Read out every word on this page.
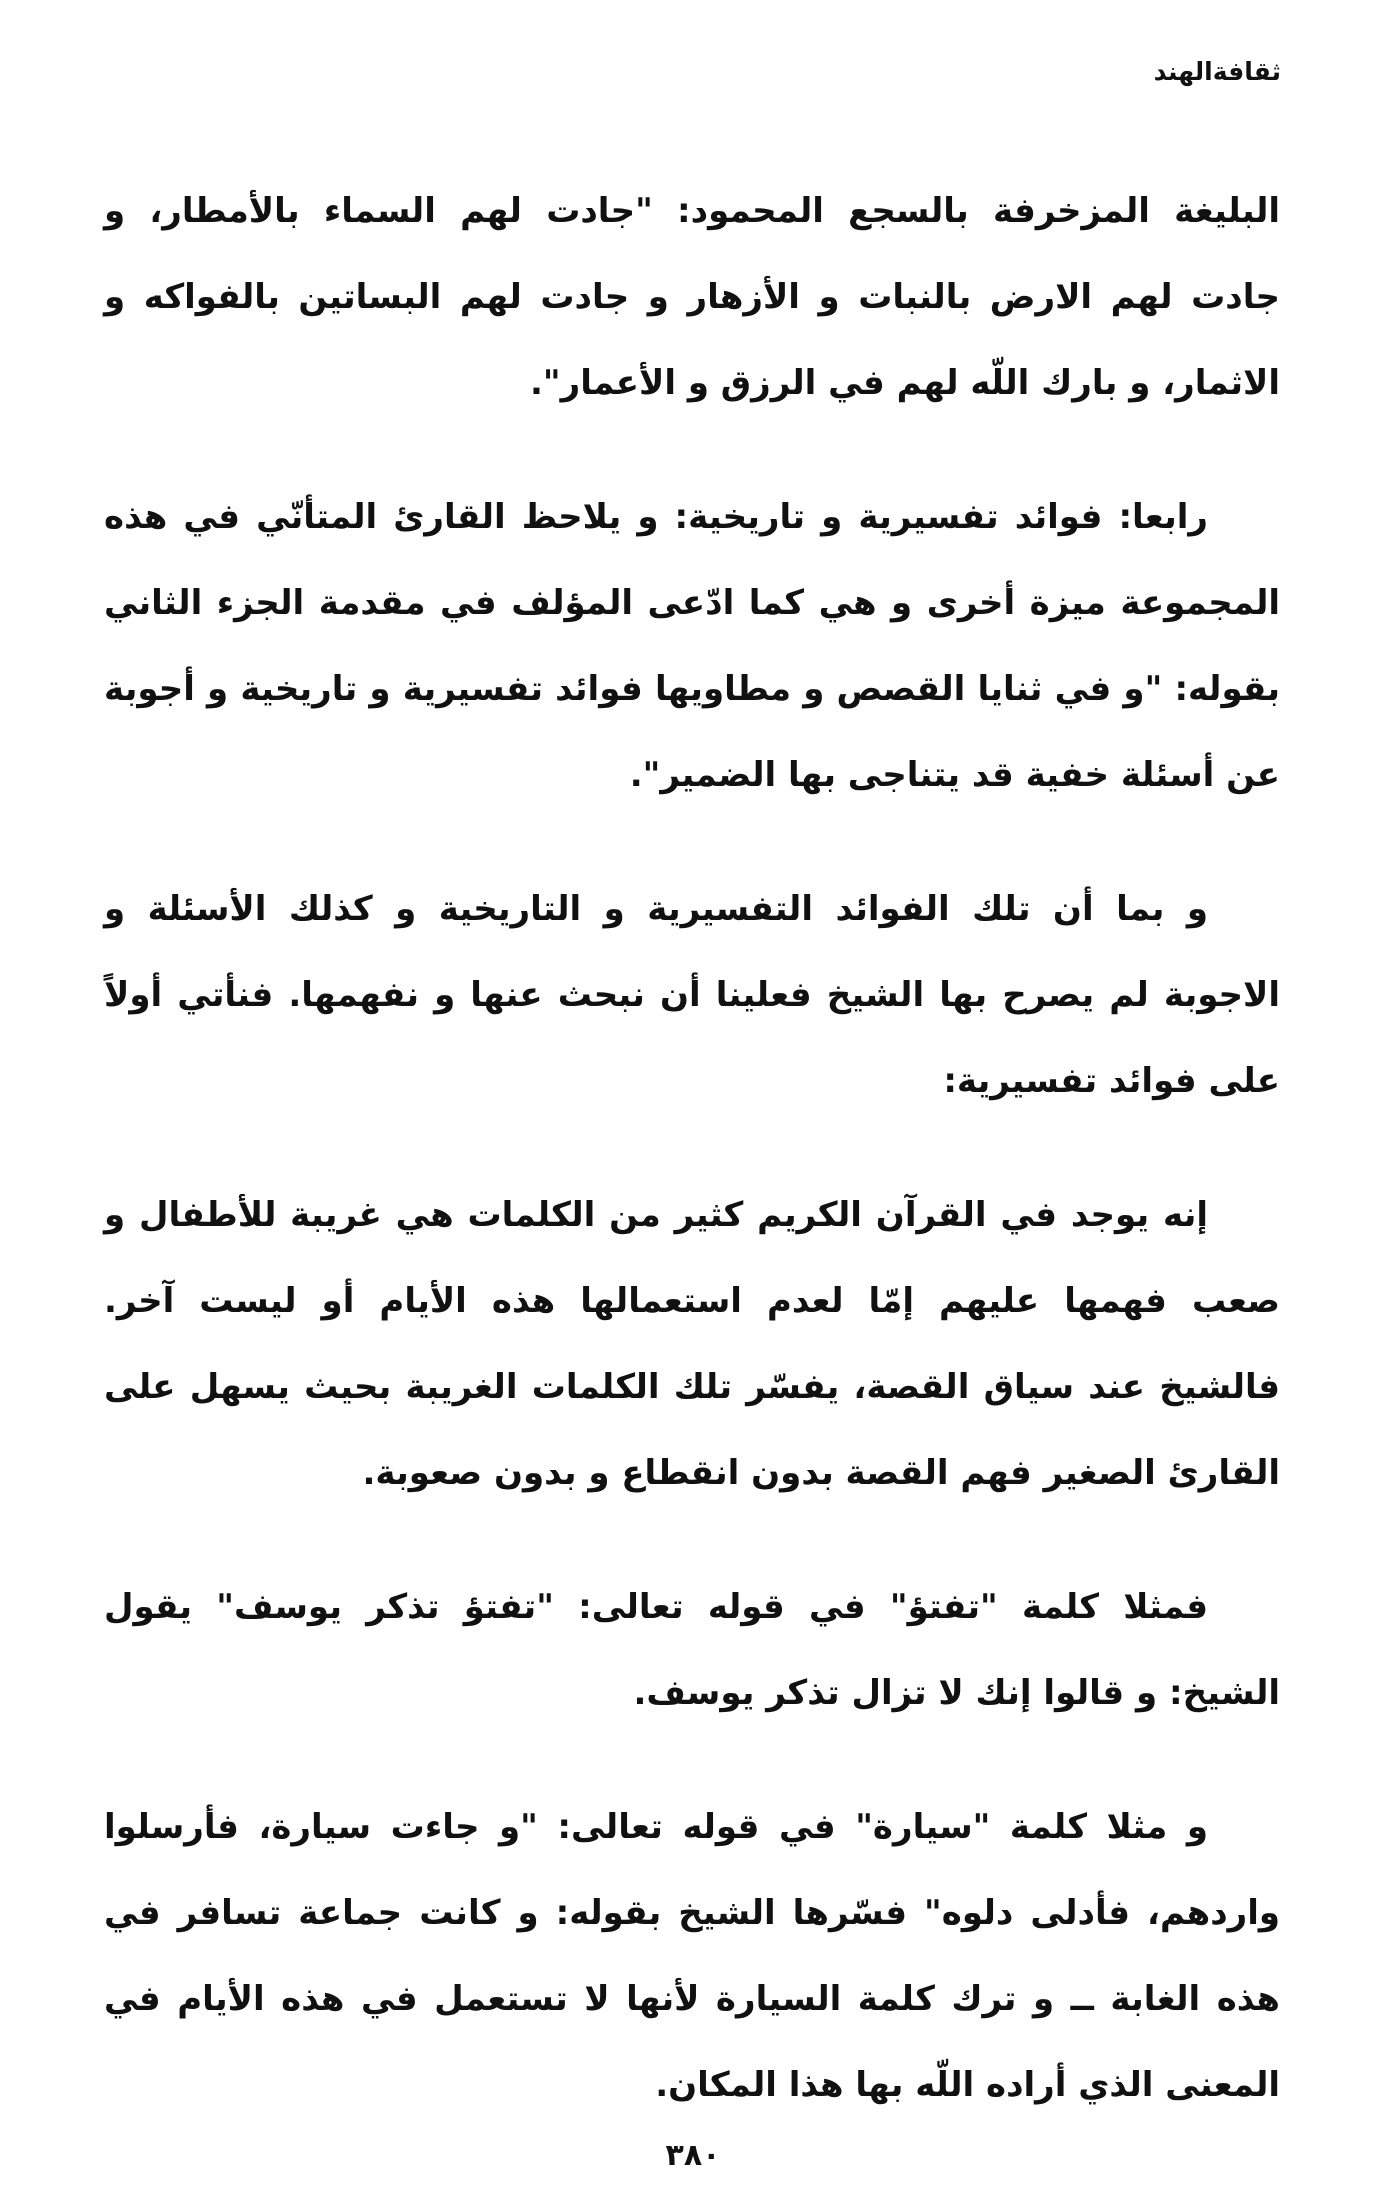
ثقافةالهند

البليغة المزخرفة بالسجع المحمود: "جادت لهم السماء بالأمطار، و جادت لهم الارض بالنبات و الأزهار و جادت لهم البساتين بالفواكه و الاثمار، و بارك اللّه لهم في الرزق و الأعمار".

رابعا: فوائد تفسيرية و تاريخية: و يلاحظ القارئ المتأنّي في هذه المجموعة ميزة أخرى و هي كما ادّعى المؤلف في مقدمة الجزء الثاني بقوله: "و في ثنايا القصص و مطاويها فوائد تفسيرية و تاريخية و أجوبة عن أسئلة خفية قد يتناجى بها الضمير".

و بما أن تلك الفوائد التفسيرية و التاريخية و كذلك الأسئلة و الاجوبة لم يصرح بها الشيخ فعلينا أن نبحث عنها و نفهمها. فنأتي أولاً على فوائد تفسيرية:

إنه يوجد في القرآن الكريم كثير من الكلمات هي غريبة للأطفال و صعب فهمها عليهم إمّا لعدم استعمالها هذه الأيام أو ليست آخر. فالشيخ عند سياق القصة، يفسّر تلك الكلمات الغريبة بحيث يسهل على القارئ الصغير فهم القصة بدون انقطاع و بدون صعوبة.

فمثلا كلمة "تفتؤ" في قوله تعالى: "تفتؤ تذكر يوسف" يقول الشيخ: و قالوا إنك لا تزال تذكر يوسف.

و مثلا كلمة "سيارة" في قوله تعالى: "و جاءت سيارة، فأرسلوا واردهم، فأدلى دلوه" فسّرها الشيخ بقوله: و كانت جماعة تسافر في هذه الغابة ــ و ترك كلمة السيارة لأنها لا تستعمل في هذه الأيام في المعنى الذي أراده اللّه بها هذا المكان.

٣٨٠
